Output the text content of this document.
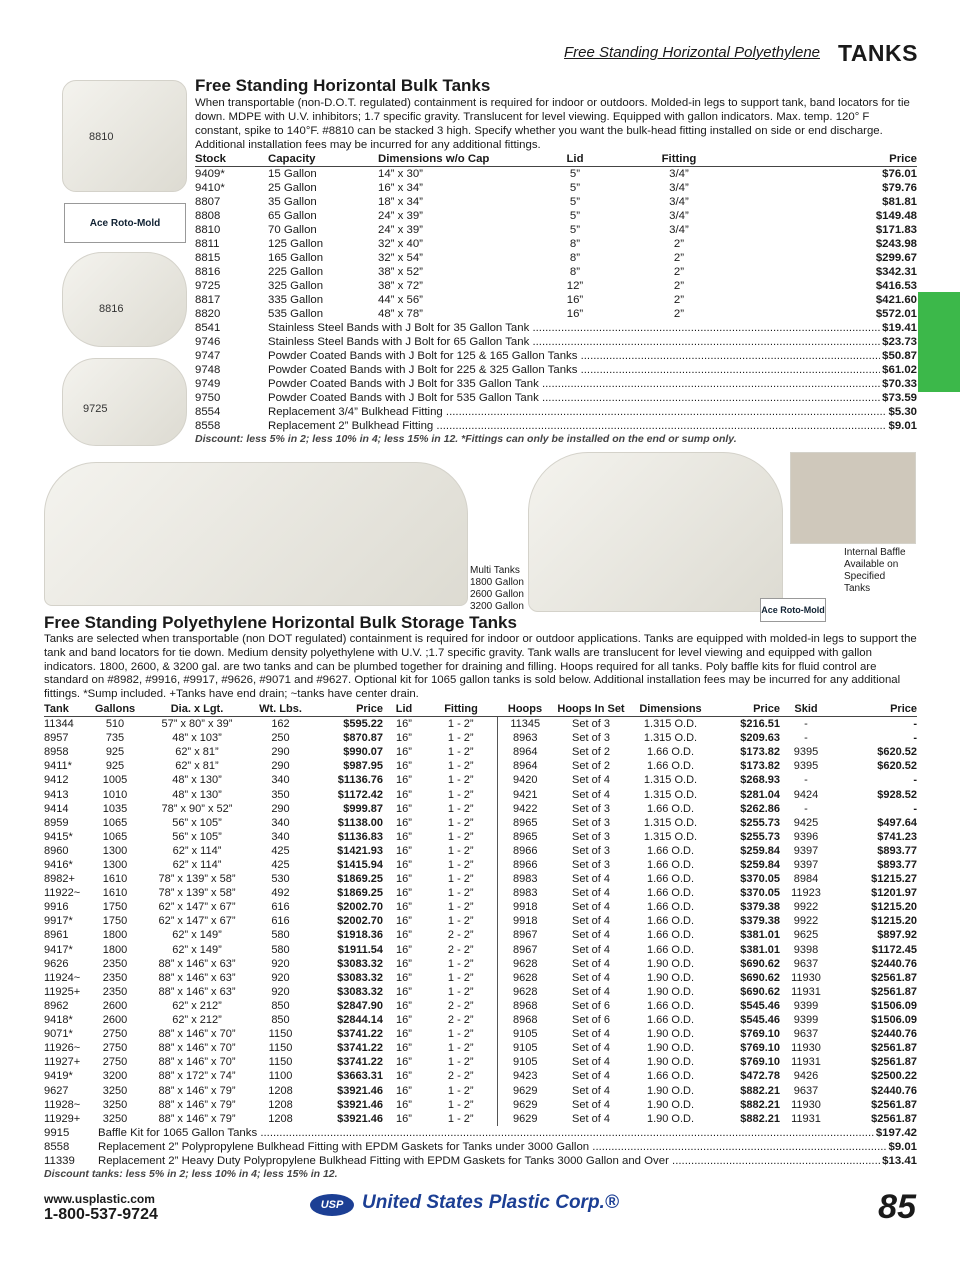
Free Standing Horizontal Polyethylene TANKS
8810
Ace Roto-Mold
8816
9725
Free Standing Horizontal Bulk Tanks
When transportable (non-D.O.T. regulated) containment is required for indoor or outdoors. Molded-in legs to support tank, band locators for tie down. MDPE with U.V. inhibitors; 1.7 specific gravity. Translucent for level viewing. Equipped with gallon indicators. Max. temp. 120° F constant, spike to 140°F. #8810 can be stacked 3 high. Specify whether you want the bulk-head fitting installed on side or end discharge. Additional installation fees may be incurred for any additional fittings.
Stock	Capacity	Dimensions w/o Cap	Lid	Fitting	Price
9409*	15 Gallon	14” x 30”	5”	3/4”	$76.01
9410*	25 Gallon	16” x 34”	5”	3/4”	$79.76
8807	35 Gallon	18” x 34”	5”	3/4”	$81.81
8808	65 Gallon	24” x 39”	5”	3/4”	$149.48
8810	70 Gallon	24” x 39”	5”	3/4”	$171.83
8811	125 Gallon	32” x 40”	8”	2”	$243.98
8815	165 Gallon	32” x 54”	8”	2”	$299.67
8816	225 Gallon	38” x 52”	8”	2”	$342.31
9725	325 Gallon	38” x 72”	12”	2”	$416.53
8817	335 Gallon	44” x 56”	16”	2”	$421.60
8820	535 Gallon	48” x 78”	16”	2”	$572.01
8541	Stainless Steel Bands with J Bolt for 35 Gallon Tank .....	$19.41
9746	Stainless Steel Bands with J Bolt for 65 Gallon Tank .....	$23.73
9747	Powder Coated Bands with J Bolt for 125 & 165 Gallon Tanks .....	$50.87
9748	Powder Coated Bands with J Bolt for 225 & 325 Gallon Tanks .....	$61.02
9749	Powder Coated Bands with J Bolt for 335 Gallon Tank .....	$70.33
9750	Powder Coated Bands with J Bolt for 535 Gallon Tank .....	$73.59
8554	Replacement 3/4” Bulkhead Fitting .....	$5.30
8558	Replacement 2” Bulkhead Fitting .....	$9.01
Discount: less 5% in 2; less 10% in 4; less 15% in 12. *Fittings can only be installed on the end or sump only.
Multi Tanks
1800 Gallon
2600 Gallon
3200 Gallon
Internal Baffle
Available on
Specified
Tanks
Ace Roto-Mold
Free Standing Polyethylene Horizontal Bulk Storage Tanks
Tanks are selected when transportable (non DOT regulated) containment is required for indoor or outdoor applications. Tanks are equipped with molded-in legs to support the tank and band locators for tie down. Medium density polyethylene with U.V. ;1.7 specific gravity. Tank walls are translucent for level viewing and equipped with gallon indicators. 1800, 2600, & 3200 gal. are two tanks and can be plumbed together for draining and filling. Hoops required for all tanks. Poly baffle kits for fluid control are standard on #8982, #9916, #9917, #9626, #9071 and #9627. Optional kit for 1065 gallon tanks is sold below. Additional installation fees may be incurred for any additional fittings. *Sump included. +Tanks have end drain; ~tanks have center drain.
Tank	Gallons	Dia. x Lgt.	Wt. Lbs.	Price	Lid	Fitting	Hoops	Hoops In Set	Dimensions	Price	Skid	Price
11344	510	57” x 80” x 39”	162	$595.22	16”	1 - 2”	11345	Set of 3	1.315 O.D.	$216.51	-	-
8957	735	48” x 103”	250	$870.87	16”	1 - 2”	8963	Set of 3	1.315 O.D.	$209.63	-	-
8958	925	62” x 81”	290	$990.07	16”	1 - 2”	8964	Set of 2	1.66 O.D.	$173.82	9395	$620.52
9411*	925	62” x 81”	290	$987.95	16”	1 - 2”	8964	Set of 2	1.66 O.D.	$173.82	9395	$620.52
9412	1005	48” x 130”	340	$1136.76	16”	1 - 2”	9420	Set of 4	1.315 O.D.	$268.93	-	-
9413	1010	48” x 130”	350	$1172.42	16”	1 - 2”	9421	Set of 4	1.315 O.D.	$281.04	9424	$928.52
9414	1035	78” x 90” x 52”	290	$999.87	16”	1 - 2”	9422	Set of 3	1.66 O.D.	$262.86	-	-
8959	1065	56” x 105”	340	$1138.00	16”	1 - 2”	8965	Set of 3	1.315 O.D.	$255.73	9425	$497.64
9415*	1065	56” x 105”	340	$1136.83	16”	1 - 2”	8965	Set of 3	1.315 O.D.	$255.73	9396	$741.23
8960	1300	62” x 114”	425	$1421.93	16”	1 - 2”	8966	Set of 3	1.66 O.D.	$259.84	9397	$893.77
9416*	1300	62” x 114”	425	$1415.94	16”	1 - 2”	8966	Set of 3	1.66 O.D.	$259.84	9397	$893.77
8982+	1610	78” x 139” x 58”	530	$1869.25	16”	1 - 2”	8983	Set of 4	1.66 O.D.	$370.05	8984	$1215.27
11922~	1610	78” x 139” x 58”	492	$1869.25	16”	1 - 2”	8983	Set of 4	1.66 O.D.	$370.05	11923	$1201.97
9916	1750	62” x 147” x 67”	616	$2002.70	16”	1 - 2”	9918	Set of 4	1.66 O.D.	$379.38	9922	$1215.20
9917*	1750	62” x 147” x 67”	616	$2002.70	16”	1 - 2”	9918	Set of 4	1.66 O.D.	$379.38	9922	$1215.20
8961	1800	62” x 149”	580	$1918.36	16”	2 - 2”	8967	Set of 4	1.66 O.D.	$381.01	9625	$897.92
9417*	1800	62” x 149”	580	$1911.54	16”	2 - 2”	8967	Set of 4	1.66 O.D.	$381.01	9398	$1172.45
9626	2350	88” x 146” x 63”	920	$3083.32	16”	1 - 2”	9628	Set of 4	1.90 O.D.	$690.62	9637	$2440.76
11924~	2350	88” x 146” x 63”	920	$3083.32	16”	1 - 2”	9628	Set of 4	1.90 O.D.	$690.62	11930	$2561.87
11925+	2350	88” x 146” x 63”	920	$3083.32	16”	1 - 2”	9628	Set of 4	1.90 O.D.	$690.62	11931	$2561.87
8962	2600	62” x 212”	850	$2847.90	16”	2 - 2”	8968	Set of 6	1.66 O.D.	$545.46	9399	$1506.09
9418*	2600	62” x 212”	850	$2844.14	16”	2 - 2”	8968	Set of 6	1.66 O.D.	$545.46	9399	$1506.09
9071*	2750	88” x 146” x 70”	1150	$3741.22	16”	1 - 2”	9105	Set of 4	1.90 O.D.	$769.10	9637	$2440.76
11926~	2750	88” x 146” x 70”	1150	$3741.22	16”	1 - 2”	9105	Set of 4	1.90 O.D.	$769.10	11930	$2561.87
11927+	2750	88” x 146” x 70”	1150	$3741.22	16”	1 - 2”	9105	Set of 4	1.90 O.D.	$769.10	11931	$2561.87
9419*	3200	88” x 172” x 74”	1100	$3663.31	16”	2 - 2”	9423	Set of 4	1.66 O.D.	$472.78	9426	$2500.22
9627	3250	88” x 146” x 79”	1208	$3921.46	16”	1 - 2”	9629	Set of 4	1.90 O.D.	$882.21	9637	$2440.76
11928~	3250	88” x 146” x 79”	1208	$3921.46	16”	1 - 2”	9629	Set of 4	1.90 O.D.	$882.21	11930	$2561.87
11929+	3250	88” x 146” x 79”	1208	$3921.46	16”	1 - 2”	9629	Set of 4	1.90 O.D.	$882.21	11931	$2561.87
9915	Baffle Kit for 1065 Gallon Tanks .....	$197.42
8558	Replacement 2” Polypropylene Bulkhead Fitting with EPDM Gaskets for Tanks under 3000 Gallon .....	$9.01
11339	Replacement 2” Heavy Duty Polypropylene Bulkhead Fitting with EPDM Gaskets for Tanks 3000 Gallon and Over .....	$13.41
Discount tanks: less 5% in 2; less 10% in 4; less 15% in 12.
www.usplastic.com
1-800-537-9724
USP United States Plastic Corp.®	85
